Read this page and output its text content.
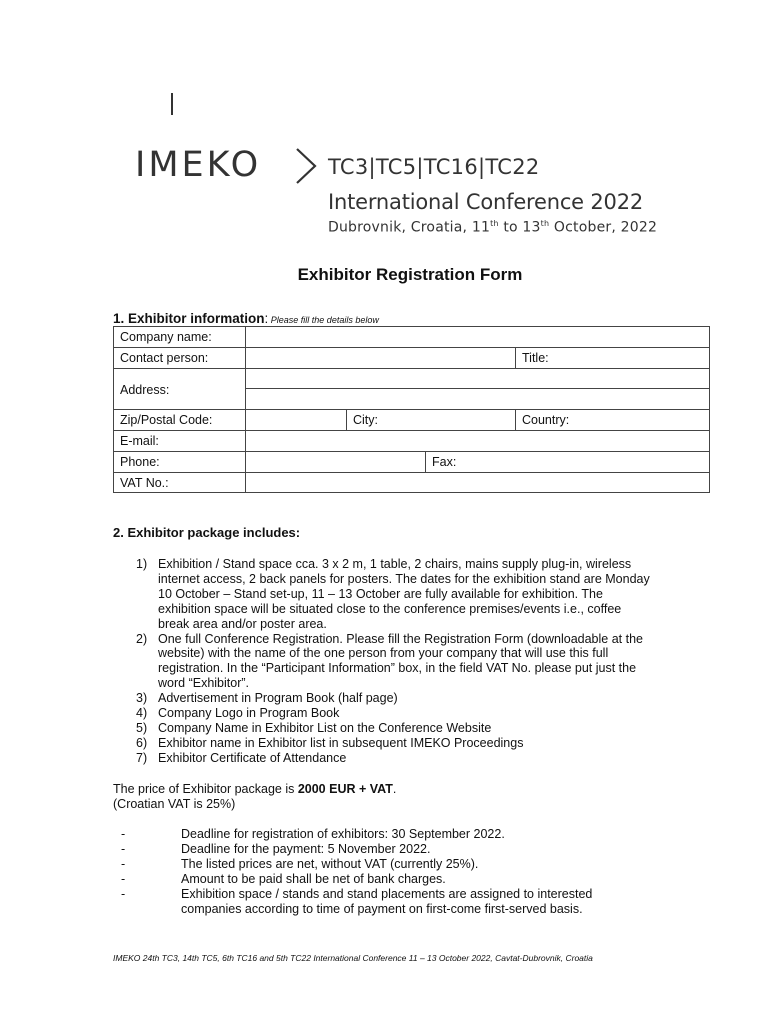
IMEKO	TC3|TC5|TC16|TC22
International Conference 2022
Dubrovnik, Croatia, 11th to 13th October, 2022
Exhibitor Registration Form
1. Exhibitor information: Please fill the details below
Company name:
Contact person:	Title:
Address:
Zip/Postal Code:	City:	Country:
E-mail:
Phone:	Fax:
VAT No.:
2. Exhibitor package includes:
1) Exhibition / Stand space cca. 3 x 2 m, 1 table, 2 chairs, mains supply plug-in, wireless
internet access, 2 back panels for posters. The dates for the exhibition stand are Monday
10 October – Stand set-up, 11 – 13 October are fully available for exhibition. The
exhibition space will be situated close to the conference premises/events i.e., coffee
break area and/or poster area.
2) One full Conference Registration. Please fill the Registration Form (downloadable at the
website) with the name of the one person from your company that will use this full
registration. In the “Participant Information” box, in the field VAT No. please put just the
word “Exhibitor”.
3) Advertisement in Program Book (half page)
4) Company Logo in Program Book
5) Company Name in Exhibitor List on the Conference Website
6) Exhibitor name in Exhibitor list in subsequent IMEKO Proceedings
7) Exhibitor Certificate of Attendance
The price of Exhibitor package is 2000 EUR + VAT.
(Croatian VAT is 25%)
-	Deadline for registration of exhibitors: 30 September 2022.
-	Deadline for the payment: 5 November 2022.
-	The listed prices are net, without VAT (currently 25%).
-	Amount to be paid shall be net of bank charges.
-	Exhibition space / stands and stand placements are assigned to interested
companies according to time of payment on first-come first-served basis.
IMEKO 24th TC3, 14th TC5, 6th TC16 and 5th TC22 International Conference 11 – 13 October 2022, Cavtat-Dubrovnik, Croatia
